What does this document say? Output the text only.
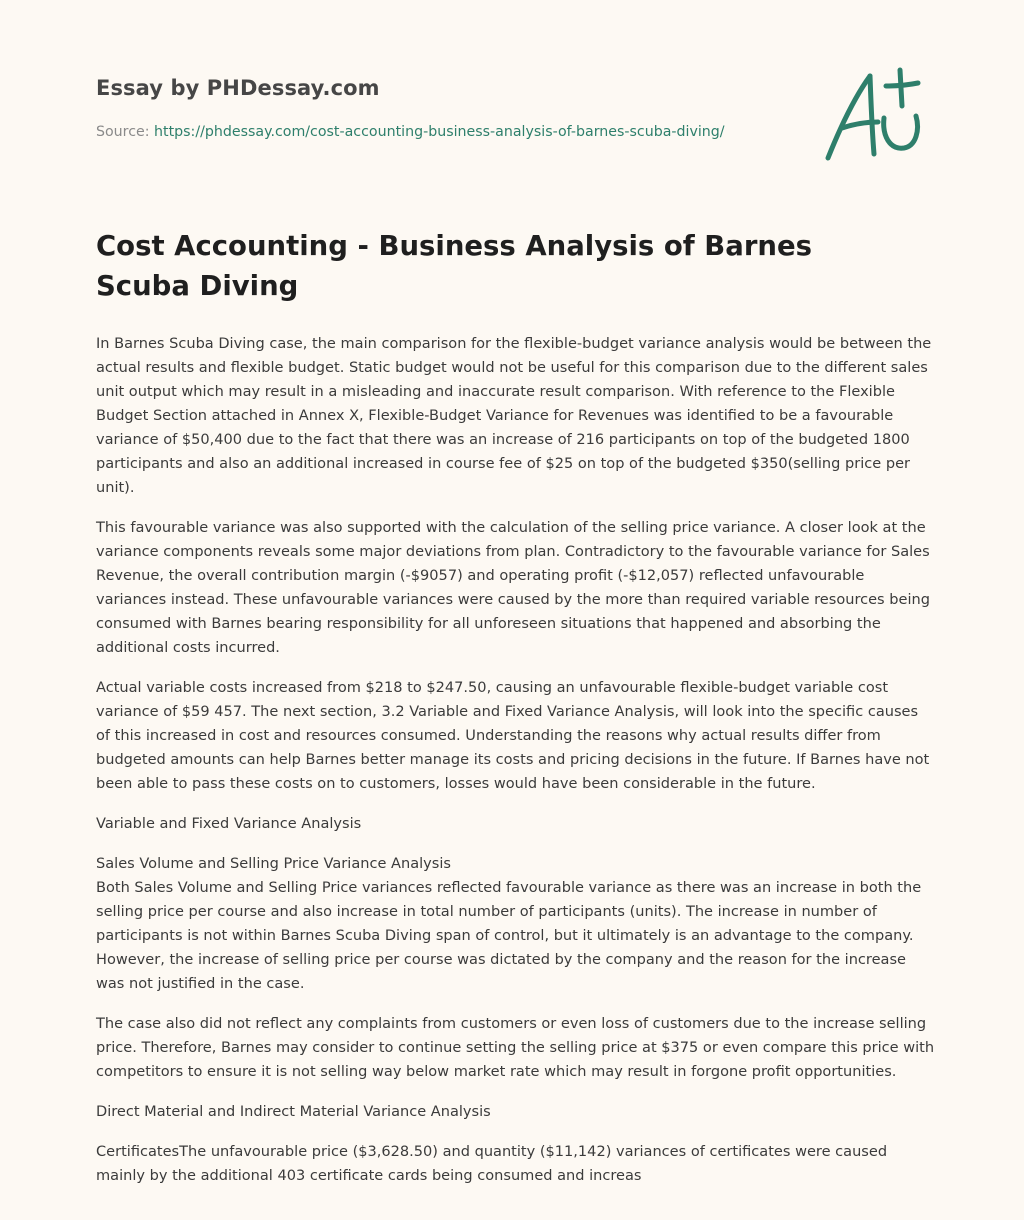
Essay by PHDessay.com
Source: https://phdessay.com/cost-accounting-business-analysis-of-barnes-scuba-diving/
Cost Accounting - Business Analysis of Barnes Scuba Diving

In Barnes Scuba Diving case, the main comparison for the flexible-budget variance analysis would be between the actual results and flexible budget. Static budget would not be useful for this comparison due to the different sales unit output which may result in a misleading and inaccurate result comparison. With reference to the Flexible Budget Section attached in Annex X, Flexible-Budget Variance for Revenues was identified to be a favourable variance of $50,400 due to the fact that there was an increase of 216 participants on top of the budgeted 1800 participants and also an additional increased in course fee of $25 on top of the budgeted $350(selling price per unit).

This favourable variance was also supported with the calculation of the selling price variance. A closer look at the variance components reveals some major deviations from plan. Contradictory to the favourable variance for Sales Revenue, the overall contribution margin (-$9057) and operating profit (-$12,057) reflected unfavourable variances instead. These unfavourable variances were caused by the more than required variable resources being consumed with Barnes bearing responsibility for all unforeseen situations that happened and absorbing the additional costs incurred.

Actual variable costs increased from $218 to $247.50, causing an unfavourable flexible-budget variable cost variance of $59 457. The next section, 3.2 Variable and Fixed Variance Analysis, will look into the specific causes of this increased in cost and resources consumed. Understanding the reasons why actual results differ from budgeted amounts can help Barnes better manage its costs and pricing decisions in the future. If Barnes have not been able to pass these costs on to customers, losses would have been considerable in the future.

Variable and Fixed Variance Analysis

Sales Volume and Selling Price Variance Analysis
Both Sales Volume and Selling Price variances reflected favourable variance as there was an increase in both the selling price per course and also increase in total number of participants (units). The increase in number of participants is not within Barnes Scuba Diving span of control, but it ultimately is an advantage to the company. However, the increase of selling price per course was dictated by the company and the reason for the increase was not justified in the case.

The case also did not reflect any complaints from customers or even loss of customers due to the increase selling price. Therefore, Barnes may consider to continue setting the selling price at $375 or even compare this price with competitors to ensure it is not selling way below market rate which may result in forgone profit opportunities.

Direct Material and Indirect Material Variance Analysis

CertificatesThe unfavourable price ($3,628.50) and quantity ($11,142) variances of certificates were caused mainly by the additional 403 certificate cards being consumed and increas
